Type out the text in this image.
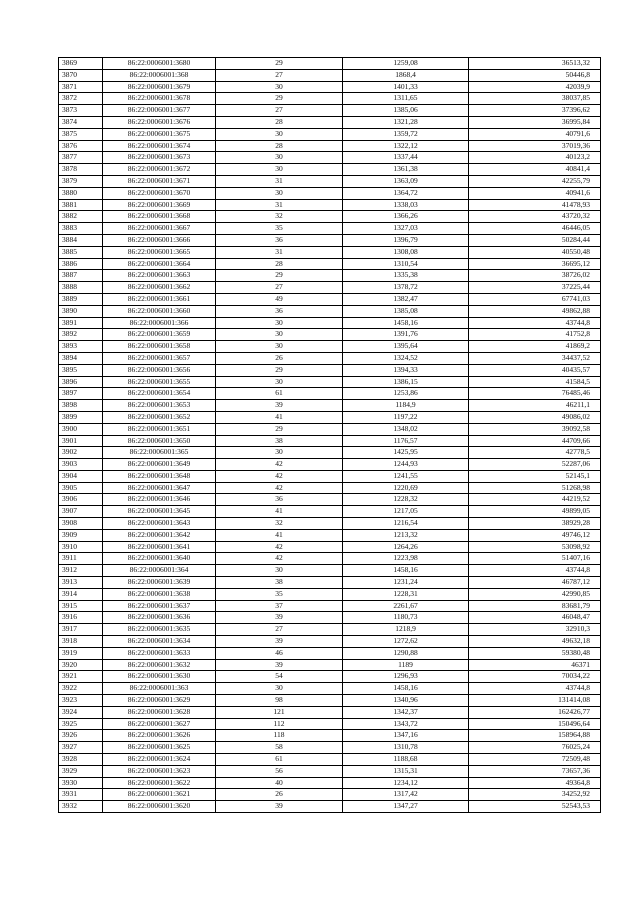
3869	86:22:0006001:3680	29	1259,08	36513,32
3870	86:22:0006001:368	27	1868,4	50446,8
3871	86:22:0006001:3679	30	1401,33	42039,9
3872	86:22:0006001:3678	29	1311,65	38037,85
3873	86:22:0006001:3677	27	1385,06	37396,62
3874	86:22:0006001:3676	28	1321,28	36995,84
3875	86:22:0006001:3675	30	1359,72	40791,6
3876	86:22:0006001:3674	28	1322,12	37019,36
3877	86:22:0006001:3673	30	1337,44	40123,2
3878	86:22:0006001:3672	30	1361,38	40841,4
3879	86:22:0006001:3671	31	1363,09	42255,79
3880	86:22:0006001:3670	30	1364,72	40941,6
3881	86:22:0006001:3669	31	1338,03	41478,93
3882	86:22:0006001:3668	32	1366,26	43720,32
3883	86:22:0006001:3667	35	1327,03	46446,05
3884	86:22:0006001:3666	36	1396,79	50284,44
3885	86:22:0006001:3665	31	1308,08	40550,48
3886	86:22:0006001:3664	28	1310,54	36695,12
3887	86:22:0006001:3663	29	1335,38	38726,02
3888	86:22:0006001:3662	27	1378,72	37225,44
3889	86:22:0006001:3661	49	1382,47	67741,03
3890	86:22:0006001:3660	36	1385,08	49862,88
3891	86:22:0006001:366	30	1458,16	43744,8
3892	86:22:0006001:3659	30	1391,76	41752,8
3893	86:22:0006001:3658	30	1395,64	41869,2
3894	86:22:0006001:3657	26	1324,52	34437,52
3895	86:22:0006001:3656	29	1394,33	40435,57
3896	86:22:0006001:3655	30	1386,15	41584,5
3897	86:22:0006001:3654	61	1253,86	76485,46
3898	86:22:0006001:3653	39	1184,9	46211,1
3899	86:22:0006001:3652	41	1197,22	49086,02
3900	86:22:0006001:3651	29	1348,02	39092,58
3901	86:22:0006001:3650	38	1176,57	44709,66
3902	86:22:0006001:365	30	1425,95	42778,5
3903	86:22:0006001:3649	42	1244,93	52287,06
3904	86:22:0006001:3648	42	1241,55	52145,1
3905	86:22:0006001:3647	42	1220,69	51268,98
3906	86:22:0006001:3646	36	1228,32	44219,52
3907	86:22:0006001:3645	41	1217,05	49899,05
3908	86:22:0006001:3643	32	1216,54	38929,28
3909	86:22:0006001:3642	41	1213,32	49746,12
3910	86:22:0006001:3641	42	1264,26	53098,92
3911	86:22:0006001:3640	42	1223,98	51407,16
3912	86:22:0006001:364	30	1458,16	43744,8
3913	86:22:0006001:3639	38	1231,24	46787,12
3914	86:22:0006001:3638	35	1228,31	42990,85
3915	86:22:0006001:3637	37	2261,67	83681,79
3916	86:22:0006001:3636	39	1180,73	46048,47
3917	86:22:0006001:3635	27	1218,9	32910,3
3918	86:22:0006001:3634	39	1272,62	49632,18
3919	86:22:0006001:3633	46	1290,88	59380,48
3920	86:22:0006001:3632	39	1189	46371
3921	86:22:0006001:3630	54	1296,93	70034,22
3922	86:22:0006001:363	30	1458,16	43744,8
3923	86:22:0006001:3629	98	1340,96	131414,08
3924	86:22:0006001:3628	121	1342,37	162426,77
3925	86:22:0006001:3627	112	1343,72	150496,64
3926	86:22:0006001:3626	118	1347,16	158964,88
3927	86:22:0006001:3625	58	1310,78	76025,24
3928	86:22:0006001:3624	61	1188,68	72509,48
3929	86:22:0006001:3623	56	1315,31	73657,36
3930	86:22:0006001:3622	40	1234,12	49364,8
3931	86:22:0006001:3621	26	1317,42	34252,92
3932	86:22:0006001:3620	39	1347,27	52543,53
